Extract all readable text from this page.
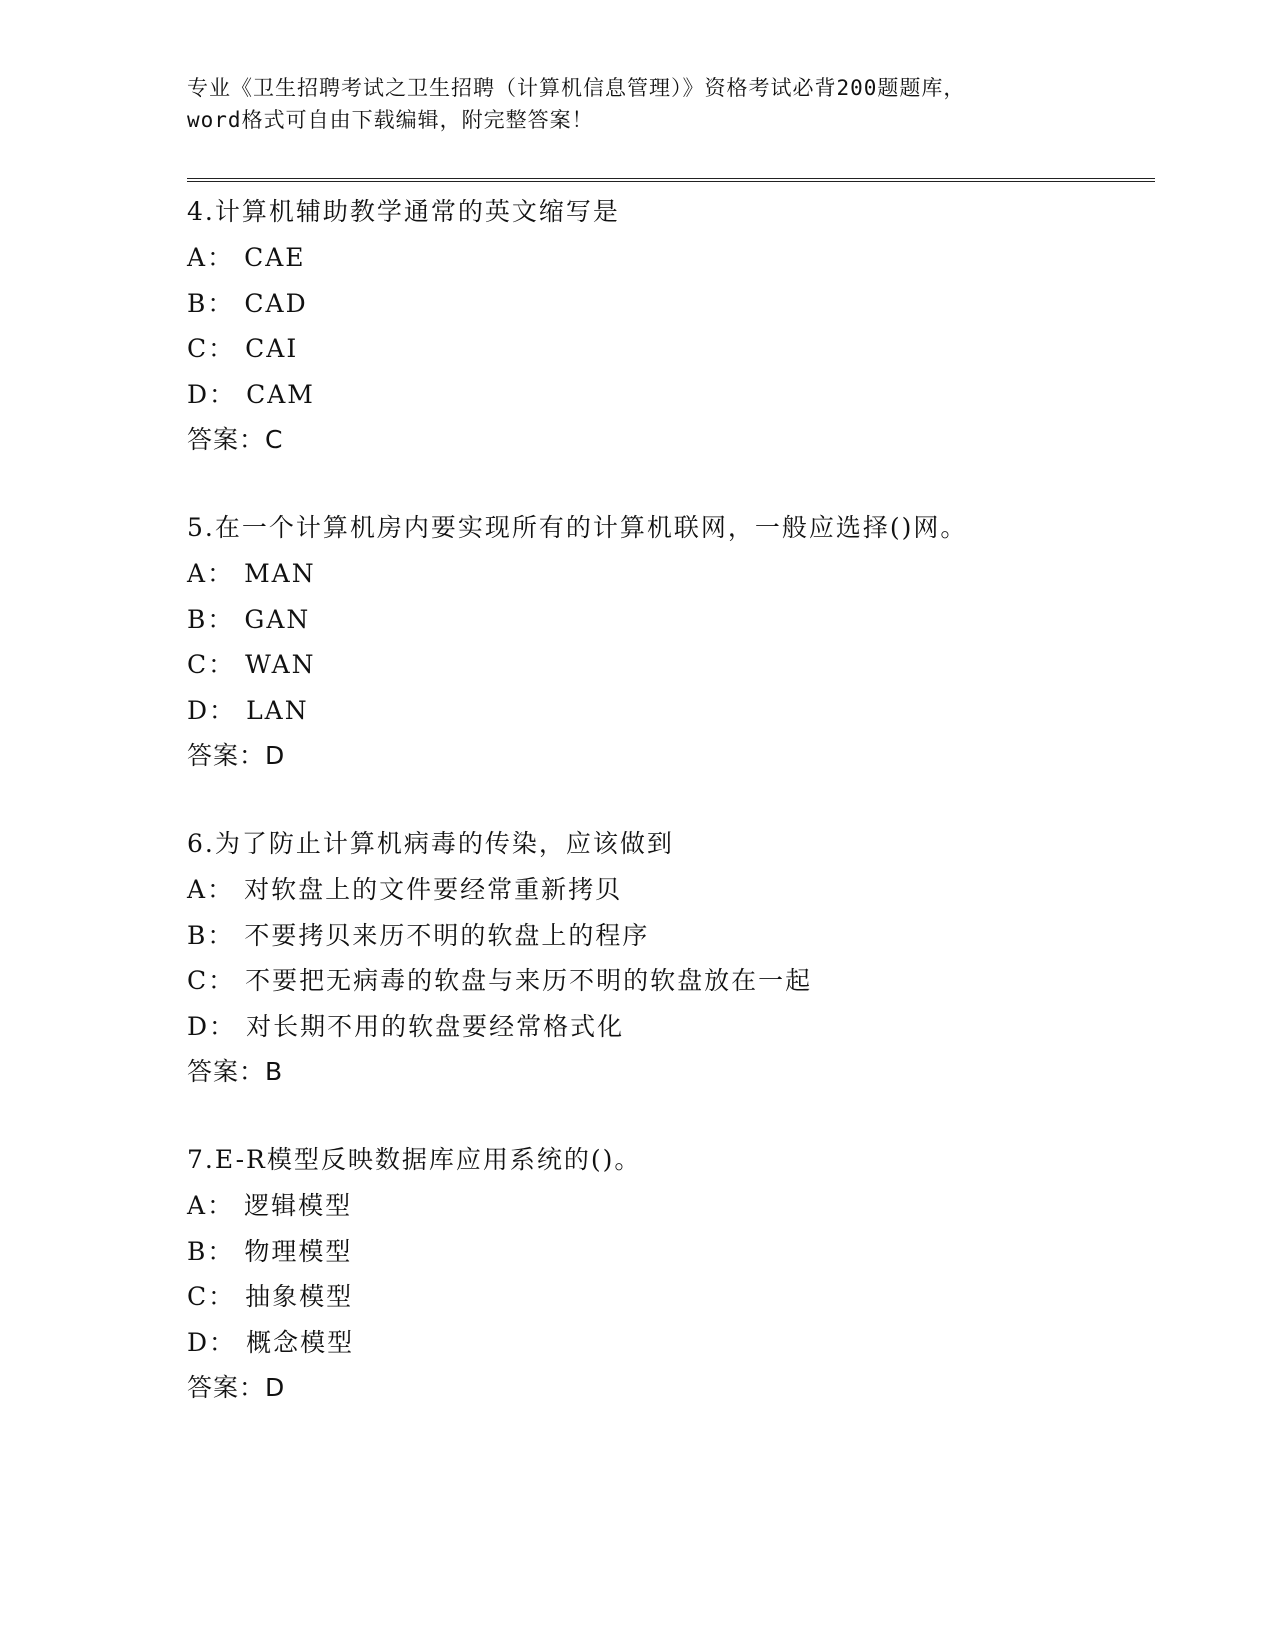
专业《卫生招聘考试之卫生招聘（计算机信息管理）》资格考试必背200题题库，
word格式可自由下载编辑，附完整答案！
4.计算机辅助教学通常的英文缩写是
A： CAE
B： CAD
C： CAI
D： CAM
答案：C
5.在一个计算机房内要实现所有的计算机联网，一般应选择()网。
A： MAN
B： GAN
C： WAN
D： LAN
答案：D
6.为了防止计算机病毒的传染，应该做到
A： 对软盘上的文件要经常重新拷贝
B： 不要拷贝来历不明的软盘上的程序
C： 不要把无病毒的软盘与来历不明的软盘放在一起
D： 对长期不用的软盘要经常格式化
答案：B
7.E-R模型反映数据库应用系统的()。
A： 逻辑模型
B： 物理模型
C： 抽象模型
D： 概念模型
答案：D
